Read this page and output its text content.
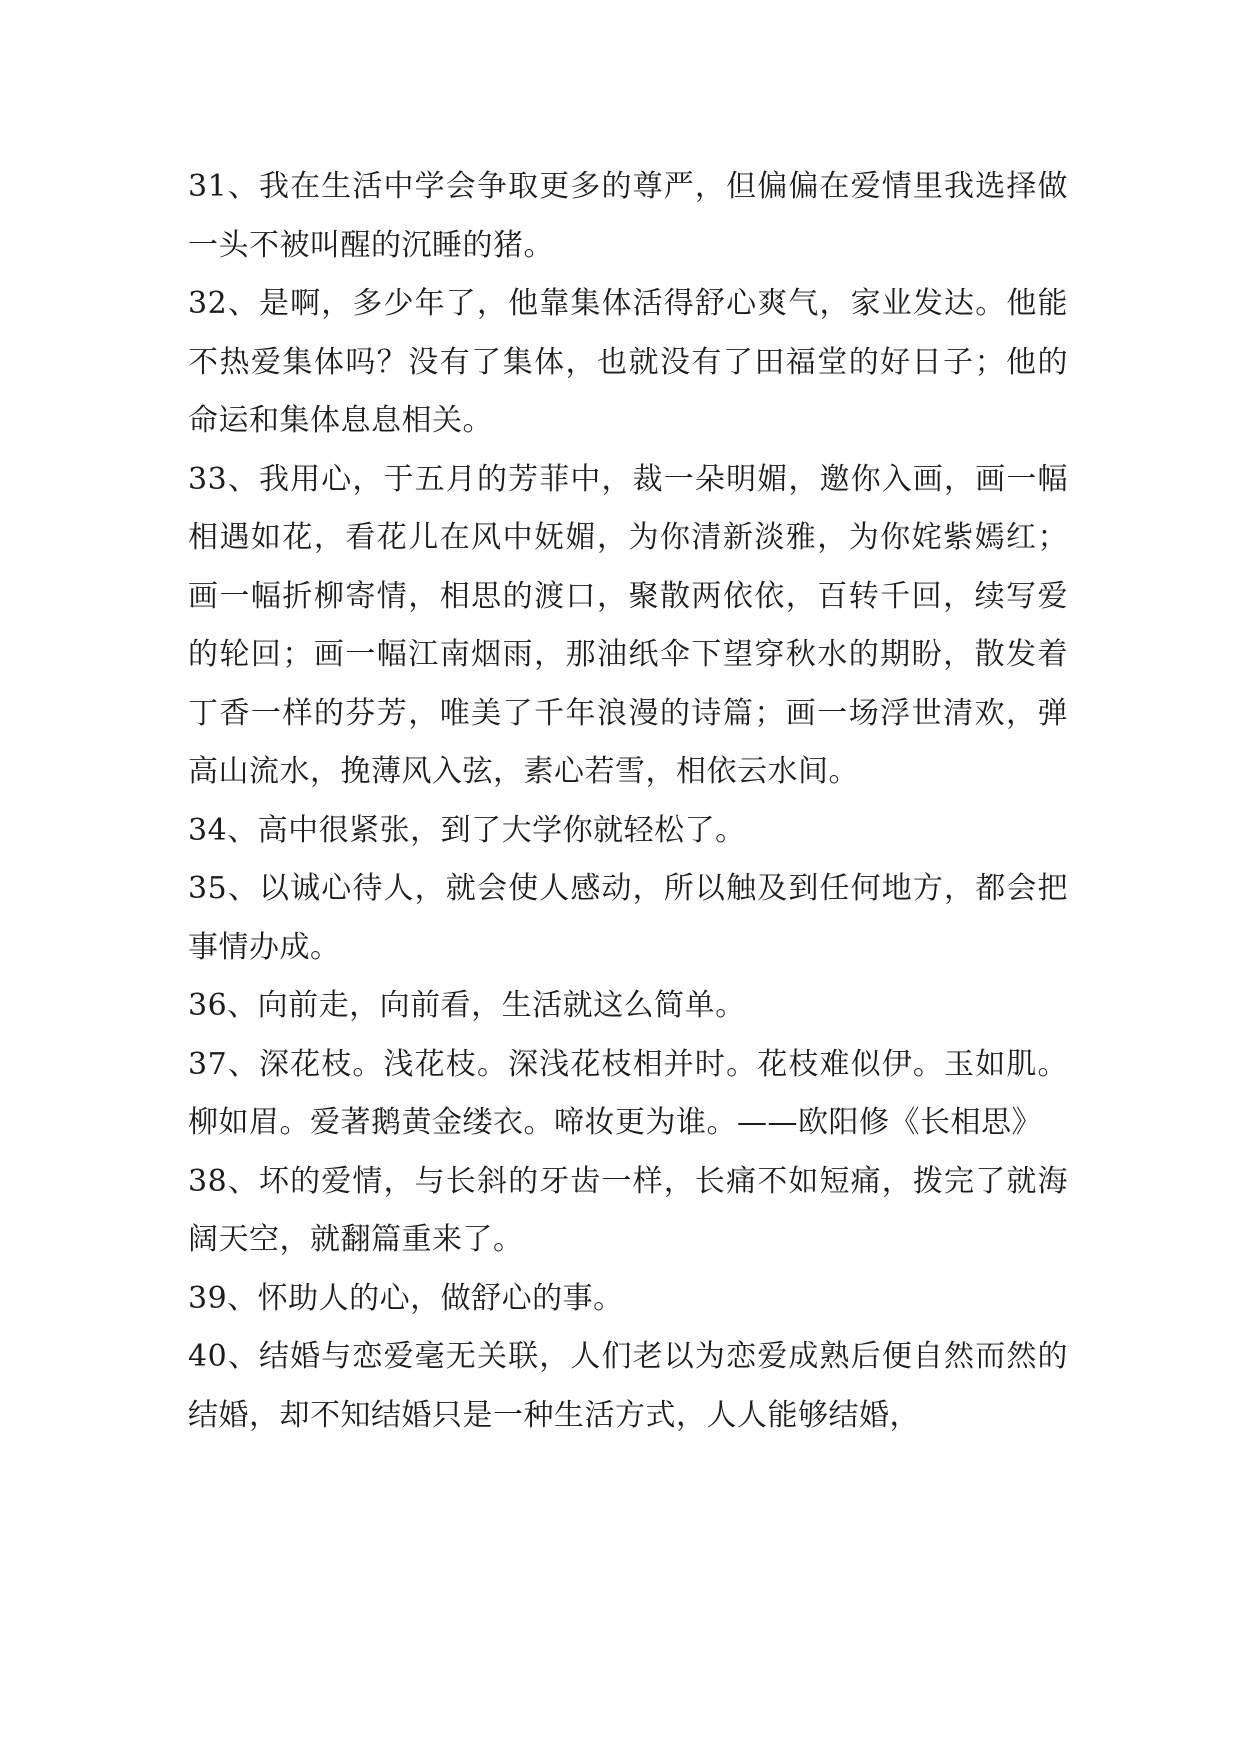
31、我在生活中学会争取更多的尊严，但偏偏在爱情里我选择做一头不被叫醒的沉睡的猪。

32、是啊，多少年了，他靠集体活得舒心爽气，家业发达。他能不热爱集体吗？没有了集体，也就没有了田福堂的好日子；他的命运和集体息息相关。

33、我用心，于五月的芳菲中，裁一朵明媚，邀你入画，画一幅相遇如花，看花儿在风中妩媚，为你清新淡雅，为你姹紫嫣红；画一幅折柳寄情，相思的渡口，聚散两依依，百转千回，续写爱的轮回；画一幅江南烟雨，那油纸伞下望穿秋水的期盼，散发着丁香一样的芬芳，唯美了千年浪漫的诗篇；画一场浮世清欢，弹高山流水，挽薄风入弦，素心若雪，相依云水间。

34、高中很紧张，到了大学你就轻松了。

35、以诚心待人，就会使人感动，所以触及到任何地方，都会把事情办成。

36、向前走，向前看，生活就这么简单。

37、深花枝。浅花枝。深浅花枝相并时。花枝难似伊。玉如肌。柳如眉。爱著鹅黄金缕衣。啼妆更为谁。——欧阳修《长相思》

38、坏的爱情，与长斜的牙齿一样，长痛不如短痛，拨完了就海阔天空，就翻篇重来了。

39、怀助人的心，做舒心的事。

40、结婚与恋爱毫无关联，人们老以为恋爱成熟后便自然而然的结婚，却不知结婚只是一种生活方式，人人能够结婚，
